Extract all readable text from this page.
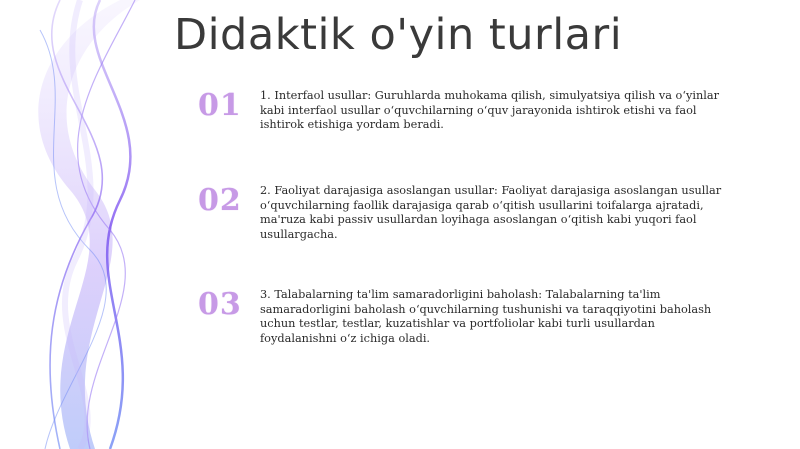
Didaktik o'yin turlari
01 1. Interfaol usullar: Guruhlarda muhokama qilish, simulyatsiya qilish va o‘yinlar kabi interfaol usullar o‘quvchilarning o‘quv jarayonida ishtirok etishi va faol ishtirok etishiga yordam beradi.
02 2. Faoliyat darajasiga asoslangan usullar: Faoliyat darajasiga asoslangan usullar o‘quvchilarning faollik darajasiga qarab o‘qitish usullarini toifalarga ajratadi, ma'ruza kabi passiv usullardan loyihaga asoslangan o‘qitish kabi yuqori faol usullargacha.
03 3. Talabalarning ta'lim samaradorligini baholash: Talabalarning ta'lim samaradorligini baholash o‘quvchilarning tushunishi va taraqqiyotini baholash uchun testlar, testlar, kuzatishlar va portfoliolar kabi turli usullardan foydalanishni o‘z ichiga oladi.
